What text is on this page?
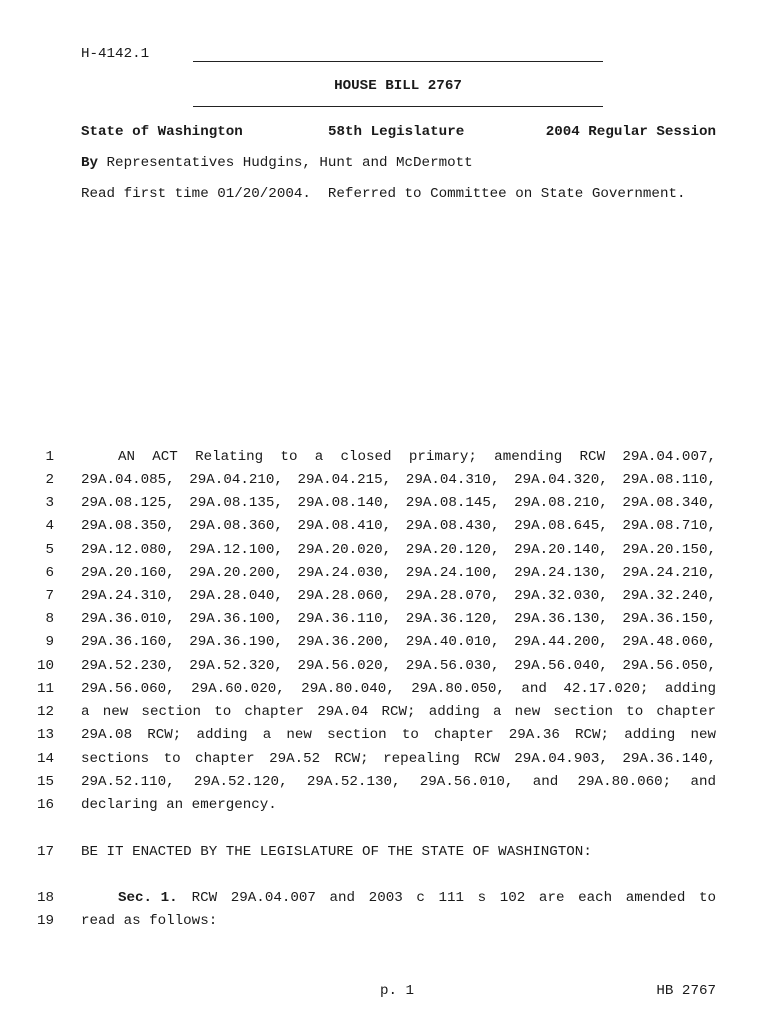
H-4142.1
HOUSE BILL 2767

State of Washington

	58th Legislature

	2004 Regular Session

By Representatives Hudgins, Hunt and McDermott
Read first time 01/20/2004.  Referred to Committee on State Government.
1	AN ACT Relating to a closed primary; amending RCW 29A.04.007,
2 29A.04.085, 29A.04.210, 29A.04.215, 29A.04.310, 29A.04.320, 29A.08.110,
3 29A.08.125, 29A.08.135, 29A.08.140, 29A.08.145, 29A.08.210, 29A.08.340,
4 29A.08.350, 29A.08.360, 29A.08.410, 29A.08.430, 29A.08.645, 29A.08.710,
5 29A.12.080, 29A.12.100, 29A.20.020, 29A.20.120, 29A.20.140, 29A.20.150,
6 29A.20.160, 29A.20.200, 29A.24.030, 29A.24.100, 29A.24.130, 29A.24.210,
7 29A.24.310, 29A.28.040, 29A.28.060, 29A.28.070, 29A.32.030, 29A.32.240,
8 29A.36.010, 29A.36.100, 29A.36.110, 29A.36.120, 29A.36.130, 29A.36.150,
9 29A.36.160, 29A.36.190, 29A.36.200, 29A.40.010, 29A.44.200, 29A.48.060,
10 29A.52.230, 29A.52.320, 29A.56.020, 29A.56.030, 29A.56.040, 29A.56.050,
11 29A.56.060, 29A.60.020, 29A.80.040, 29A.80.050, and 42.17.020; adding
12 a new section to chapter 29A.04 RCW; adding a new section to chapter
13 29A.08 RCW; adding a new section to chapter 29A.36 RCW; adding new
14 sections to chapter 29A.52 RCW; repealing RCW 29A.04.903, 29A.36.140,
15 29A.52.110, 29A.52.120, 29A.52.130, 29A.56.010, and 29A.80.060; and
16 declaring an emergency.
17 BE IT ENACTED BY THE LEGISLATURE OF THE STATE OF WASHINGTON:
18	Sec. 1. RCW 29A.04.007 and 2003 c 111 s 102 are each amended to
19 read as follows:
p. 1	HB 2767
